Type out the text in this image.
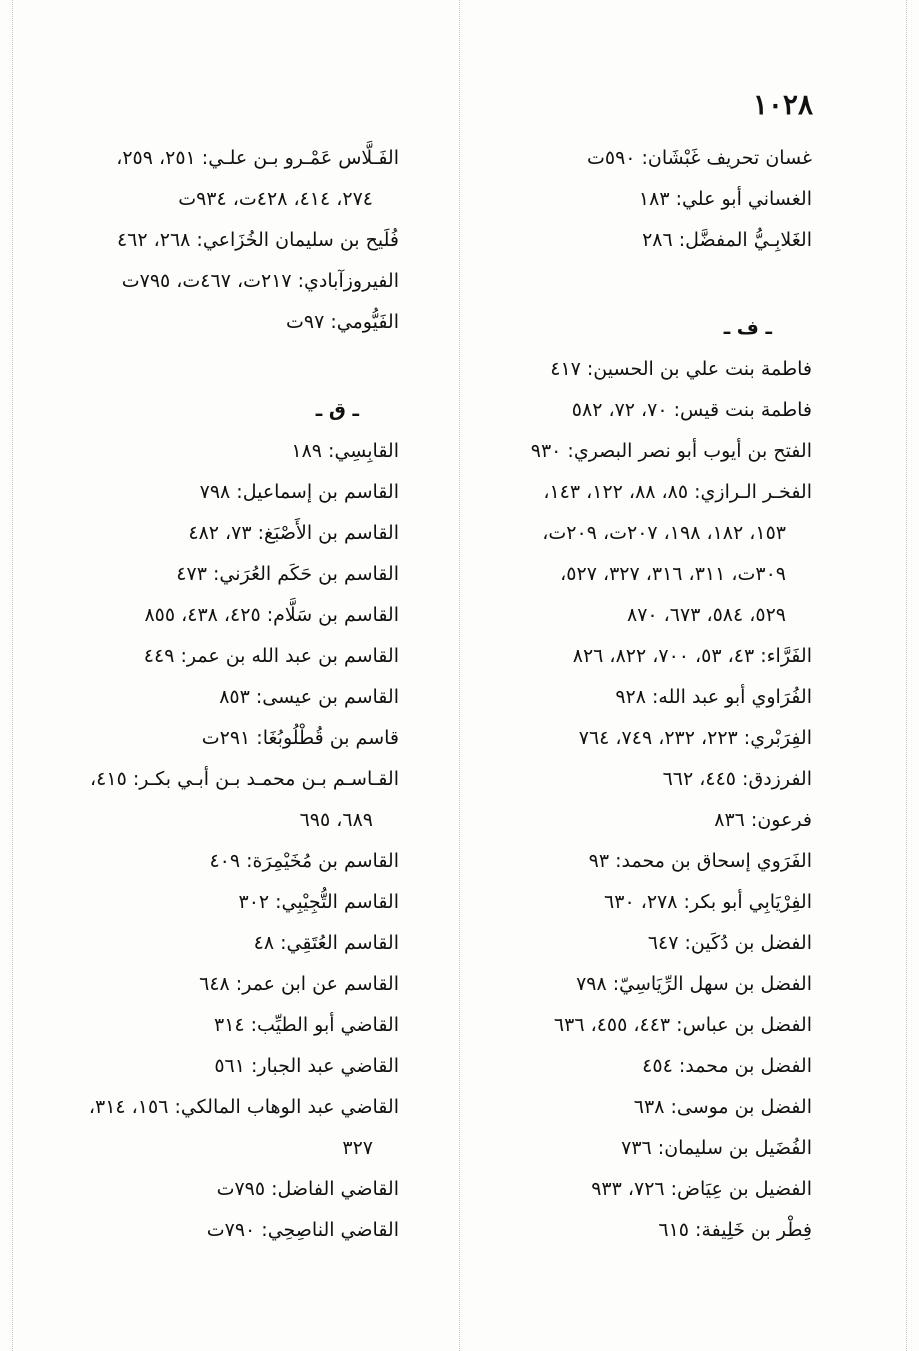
١٠٢٨
غسان تحريف غَبْشَان: ٥٩٠ت
الغساني أبو علي: ١٨٣
الغَلابِـيُّ المفضَّل: ٢٨٦
ـ ف ـ
فاطمة بنت علي بن الحسين: ٤١٧
فاطمة بنت قيس: ٧٠، ٧٢، ٥٨٢
الفتح بن أيوب أبو نصر البصري: ٩٣٠
الفخـر الـرازي: ٨٥، ٨٨، ١٢٢، ١٤٣،
١٥٣، ١٨٢، ١٩٨، ٢٠٧ت، ٢٠٩ت،
٣٠٩ت، ٣١١، ٣١٦، ٣٢٧، ٥٢٧،
٥٢٩، ٥٨٤، ٦٧٣، ٨٧٠
الفَرَّاء: ٤٣، ٥٣، ٧٠٠، ٨٢٢، ٨٢٦
الفُرَاوي أبو عبد الله: ٩٢٨
الفِرَبْري: ٢٢٣، ٢٣٢، ٧٤٩، ٧٦٤
الفرزدق: ٤٤٥، ٦٦٢
فرعون: ٨٣٦
الفَرَوي إسحاق بن محمد: ٩٣
الفِرْيَابِي أبو بكر: ٢٧٨، ٦٣٠
الفضل بن دُكَين: ٦٤٧
الفضل بن سهل الرِّيَاسِيّ: ٧٩٨
الفضل بن عباس: ٤٤٣، ٤٥٥، ٦٣٦
الفضل بن محمد: ٤٥٤
الفضل بن موسى: ٦٣٨
الفُضَيل بن سليمان: ٧٣٦
الفضيل بن عِيَاض: ٧٢٦، ٩٣٣
فِطْر بن خَلِيفة: ٦١٥
الفَـلَّاس عَمْـرو بـن علـي: ٢٥١، ٢٥٩،
٢٧٤، ٤١٤، ٤٢٨ت، ٩٣٤ت
فُلَيح بن سليمان الخُزَاعي: ٢٦٨، ٤٦٢
الفيروزآبادي: ٢١٧ت، ٤٦٧ت، ٧٩٥ت
الفَيُّومي: ٩٧ت
ـ ق ـ
القابِسِي: ١٨٩
القاسم بن إسماعيل: ٧٩٨
القاسم بن الأَصْبَغ: ٧٣، ٤٨٢
القاسم بن حَكَم العُرَني: ٤٧٣
القاسم بن سَلَّام: ٤٢٥، ٤٣٨، ٨٥٥
القاسم بن عبد الله بن عمر: ٤٤٩
القاسم بن عيسى: ٨٥٣
قاسم بن قُطْلُوبُغَا: ٢٩١ت
القـاسـم بـن محمـد بـن أبـي بكـر: ٤١٥،
٦٨٩، ٦٩٥
القاسم بن مُخَيْمِرَة: ٤٠٩
القاسم التُّجِيْبِي: ٣٠٢
القاسم العُتَقِي: ٤٨
القاسم عن ابن عمر: ٦٤٨
القاضي أبو الطيِّب: ٣١٤
القاضي عبد الجبار: ٥٦١
القاضي عبد الوهاب المالكي: ١٥٦، ٣١٤،
٣٢٧
القاضي الفاضل: ٧٩٥ت
القاضي الناصِحِي: ٧٩٠ت
